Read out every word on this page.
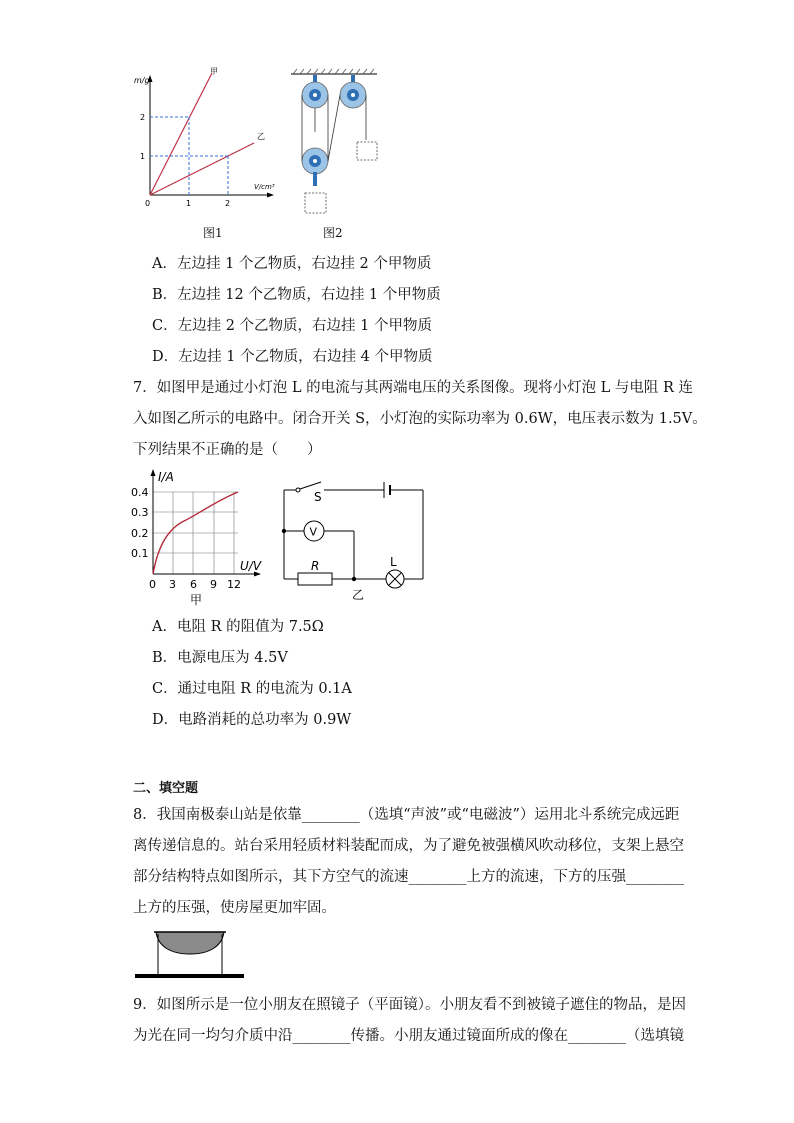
m/g
V/cm³
甲
乙
0	1	2
1
2
图1	图2
A．左边挂 1 个乙物质，右边挂 2 个甲物质
B．左边挂 12 个乙物质，右边挂 1 个甲物质
C．左边挂 2 个乙物质，右边挂 1 个甲物质
D．左边挂 1 个乙物质，右边挂 4 个甲物质
7．如图甲是通过小灯泡 L 的电流与其两端电压的关系图像。现将小灯泡 L 与电阻 R 连
入如图乙所示的电路中。闭合开关 S，小灯泡的实际功率为 0.6W，电压表示数为 1.5V。
下列结果不正确的是（　　）
I/A
0.4
0.3
0.2
0.1
U/V
0 3 6 9 12
甲
S
V
R	L
乙
A．电阻 R 的阻值为 7.5Ω
B．电源电压为 4.5V
C．通过电阻 R 的电流为 0.1A
D．电路消耗的总功率为 0.9W
二、填空题
8．我国南极泰山站是依靠________（选填“声波”或“电磁波”）运用北斗系统完成远距
离传递信息的。站台采用轻质材料装配而成，为了避免被强横风吹动移位，支架上悬空
部分结构特点如图所示，其下方空气的流速________上方的流速，下方的压强________
上方的压强，使房屋更加牢固。
9．如图所示是一位小朋友在照镜子（平面镜）。小朋友看不到被镜子遮住的物品，是因
为光在同一均匀介质中沿________传播。小朋友通过镜面所成的像在________（选填镜
